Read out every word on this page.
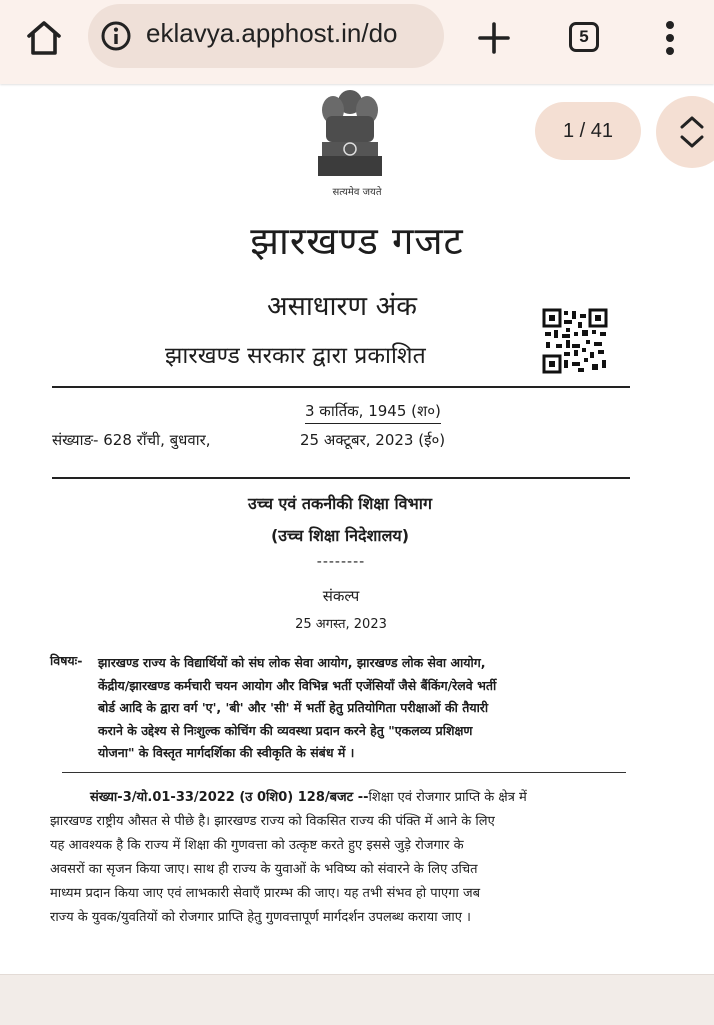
eklavya.apphost.in/do	5
1 / 41
सत्यमेव जयते
झारखण्ड गजट
असाधारण अंक
झारखण्ड सरकार द्वारा प्रकाशित
संख्याङ- 628 राँची, बुधवार,
3 कार्तिक, 1945 (श०)
25 अक्टूबर, 2023 (ई०)
उच्च एवं तकनीकी शिक्षा विभाग
(उच्च शिक्षा निदेशालय)
--------
संकल्प
25 अगस्त, 2023
विषयः- झारखण्ड राज्य के विद्यार्थियों को संघ लोक सेवा आयोग, झारखण्ड लोक सेवा आयोग,
केंद्रीय/झारखण्ड कर्मचारी चयन आयोग और विभिन्न भर्ती एजेंसियाँ जैसे बैंकिंग/रेलवे भर्ती
बोर्ड आदि के द्वारा वर्ग 'ए', 'बी' और 'सी' में भर्ती हेतु प्रतियोगिता परीक्षाओं की तैयारी
कराने के उद्देश्य से निःशुल्क कोचिंग की व्यवस्था प्रदान करने हेतु "एकलव्य प्रशिक्षण
योजना" के विस्तृत मार्गदर्शिका की स्वीकृति के संबंध में ।
संख्या-3/यो.01-33/2022 (उ 0शि0) 128/बजट --शिक्षा एवं रोजगार प्राप्ति के क्षेत्र में
झारखण्ड राष्ट्रीय औसत से पीछे है। झारखण्ड राज्य को विकसित राज्य की पंक्ति में आने के लिए
यह आवश्यक है कि राज्य में शिक्षा की गुणवत्ता को उत्कृष्ट करते हुए इससे जुड़े रोजगार के
अवसरों का सृजन किया जाए। साथ ही राज्य के युवाओं के भविष्य को संवारने के लिए उचित
माध्यम प्रदान किया जाए एवं लाभकारी सेवाएँ प्रारम्भ की जाए। यह तभी संभव हो पाएगा जब
राज्य के युवक/युवतियों को रोजगार प्राप्ति हेतु गुणवत्तापूर्ण मार्गदर्शन उपलब्ध कराया जाए ।
